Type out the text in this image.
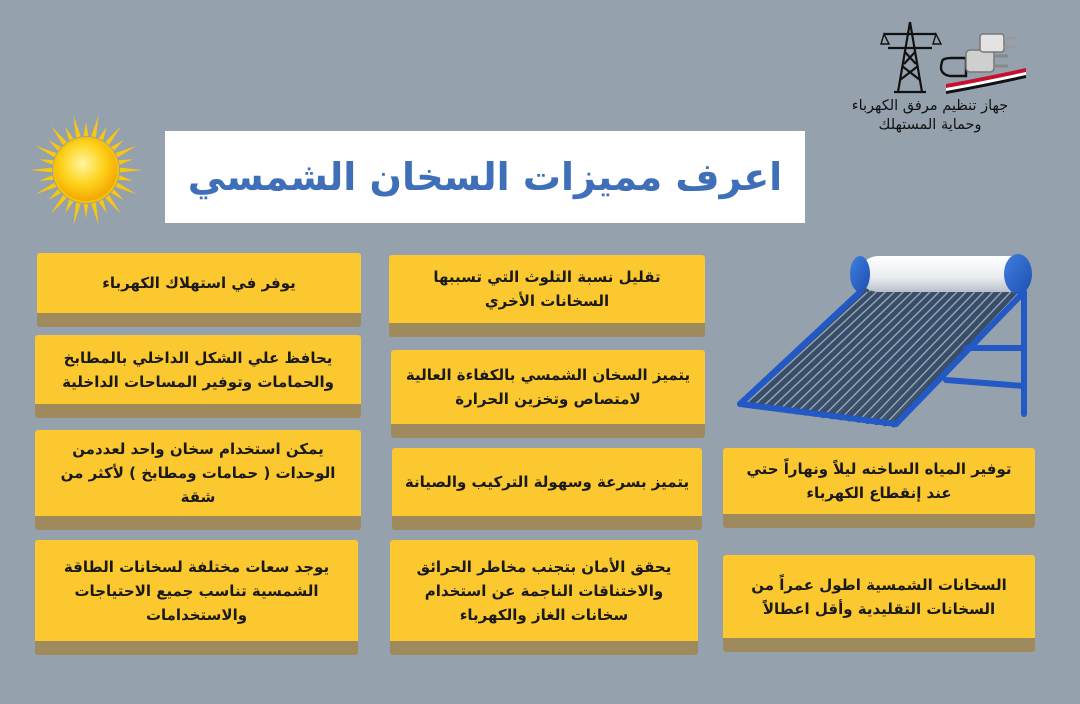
اعرف مميزات السخان الشمسي
جهاز تنظيم مرفق الكهرباء
وحماية المستهلك
يوفر في استهلاك الكهرباء	تقليل نسبة التلوث التي تسببها السخانات الأخري
يحافظ علي الشكل الداخلي بالمطابخ والحمامات وتوفير المساحات الداخلية	يتميز السخان الشمسي بالكفاءة العالية لامتصاص وتخزين الحرارة
يمكن استخدام سخان واحد لعددمن الوحدات ( حمامات ومطابخ ) لأكثر من شقة
يتميز بسرعة وسهولة التركيب والصيانة
توفير المياه الساخنه ليلاً ونهاراً حتي عند إنقطاع الكهرباء
يوجد سعات مختلفة لسخانات الطاقة الشمسية تناسب جميع الاحتياجات والاستخدامات
يحقق الأمان بتجنب مخاطر الحرائق والاختناقات الناجمة عن استخدام سخانات الغاز والكهرباء
السخانات الشمسية اطول عمراً من السخانات التقليدية وأقل اعطالاً
